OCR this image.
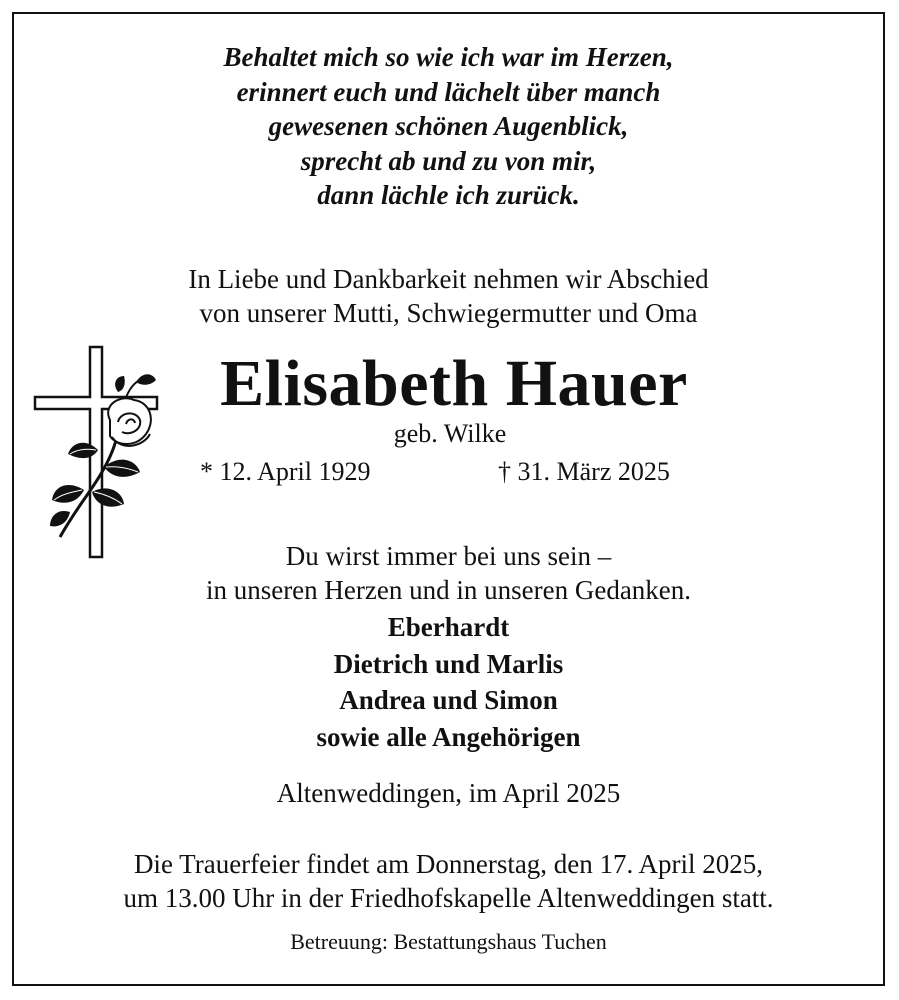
Behaltet mich so wie ich war im Herzen,
erinnert euch und lächelt über manch
gewesenen schönen Augenblick,
sprecht ab und zu von mir,
dann lächle ich zurück.
In Liebe und Dankbarkeit nehmen wir Abschied
von unserer Mutti, Schwiegermutter und Oma
Elisabeth Hauer
geb. Wilke
* 12. April 1929	† 31. März 2025
Du wirst immer bei uns sein –
in unseren Herzen und in unseren Gedanken.
Eberhardt
Dietrich und Marlis
Andrea und Simon
sowie alle Angehörigen
Altenweddingen, im April 2025
Die Trauerfeier findet am Donnerstag, den 17. April 2025,
um 13.00 Uhr in der Friedhofskapelle Altenweddingen statt.
Betreuung: Bestattungshaus Tuchen
